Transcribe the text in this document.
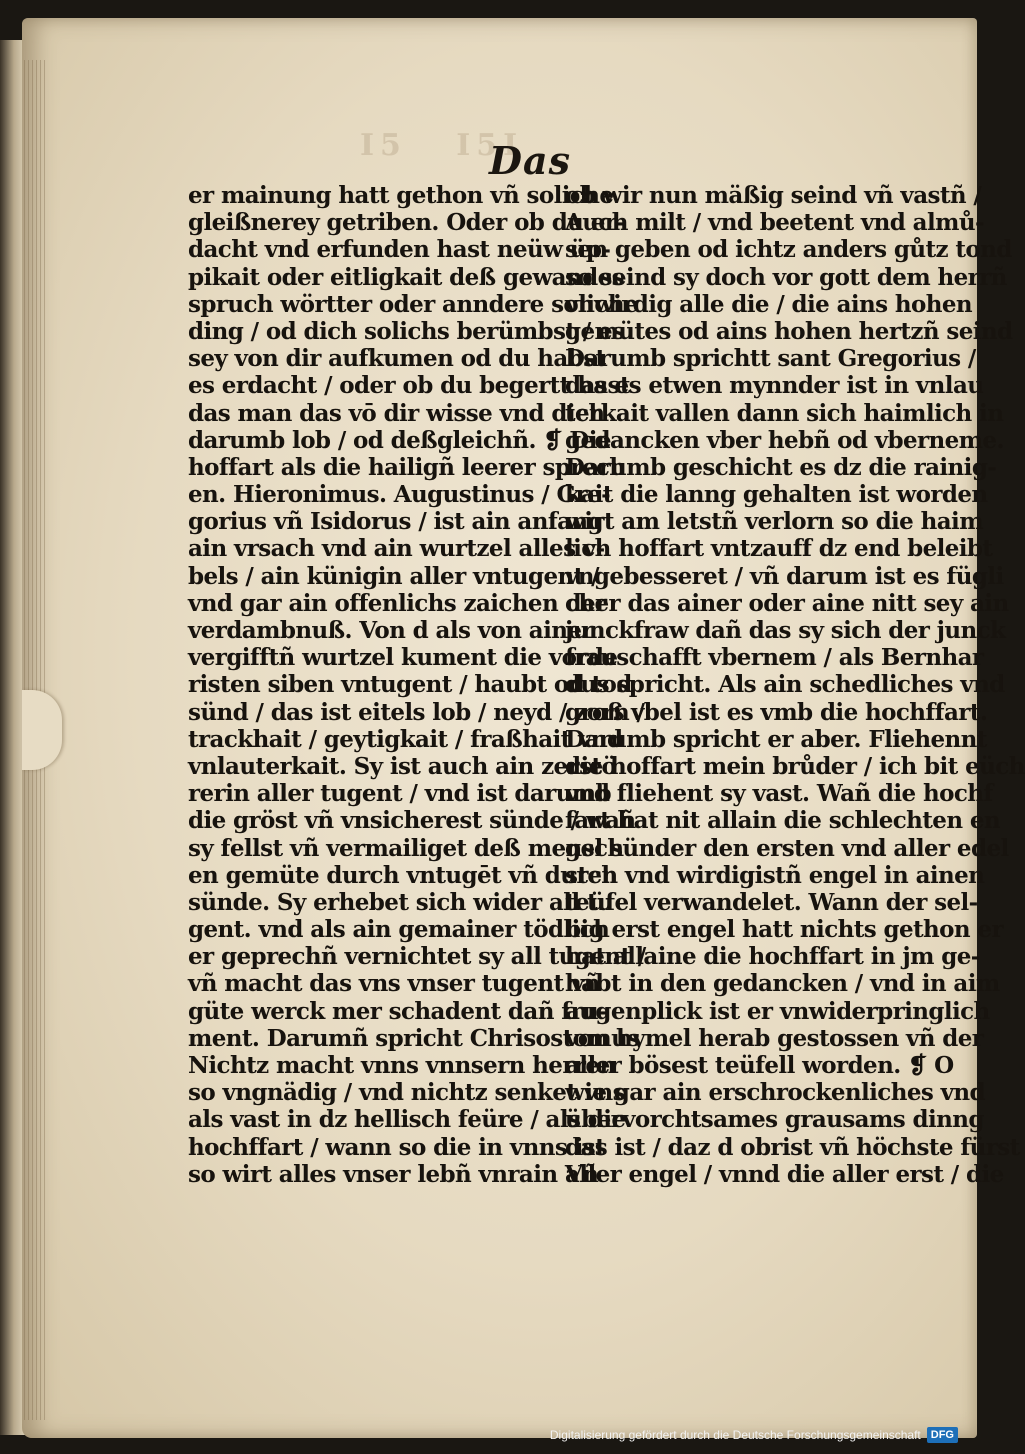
I5   I5I
Das
er mainung hatt gethon vñ soliche
gleißnerey getriben. Oder ob du er-
dacht vnd erfunden hast neüw üp-
pikait oder eitligkait deß gewandes
spruch wörtter oder anndere soliche
ding / od dich solichs berümbst / es
sey von dir aufkumen od du habst
es erdacht / oder ob du begertt hast
das man das vō dir wisse vnd dich
darumb lob / od deßgleichñ. ❡ Die
hoffart als die hailigñ leerer sprech
en. Hieronimus. Augustinus / Gre-
gorius vñ Isidorus / ist ain anfang
ain vrsach vnd ain wurtzel alles v-
bels / ain künigin aller vntugent /
vnd gar ain offenlichs zaichen der
verdambnuß. Von d als von ainer
vergifftñ wurtzel kument die vorde
risten siben vntugent / haubt od tod
sünd / das ist eitels lob / neyd / zorn /
trackhait / geytigkait / fraßhait vnd
vnlauterkait. Sy ist auch ain zerstö
rerin aller tugent / vnd ist darumb
die gröst vñ vnsicherest sünde / wañ
sy fellst vñ vermailiget deß mensch
en gemüte durch vntugēt vñ durch
sünde. Sy erhebet sich wider all tu
gent. vnd als ain gemainer tödlich
er geprechñ vernichtet sy all tugent /
vñ macht das vns vnser tugent vñ
güte werck mer schadent dañ fru-
ment. Darumñ spricht Chrisostomus
Nichtz macht vnns vnnsern herren
so vngnädig / vnd nichtz senket vns
als vast in dz hellisch feüre / als die
hochffart / wann so die in vnns ist
so wirt alles vnser lebñ vnrain Vñ
ob wir nun mäßig seind vñ vastñ /
Auch milt / vnd beetent vnd almů-
sen geben od ichtz anders gůtz tond
so seind sy doch vor gott dem herrñ
vnwirdig alle die / die ains hohen
gemütes od ains hohen hertzñ seind
Darumb sprichtt sant Gregorius /
das es etwen mynnder ist in vnlau
terkait vallen dann sich haimlich in
gedancken vber hebñ od vberneme.
Darumb geschicht es dz die rainig-
kait die lanng gehalten ist worden
wirt am letstñ verlorn so die haim
lich hoffart vntzauff dz end beleibt
vngebesseret / vñ darum ist es fügli
cher das ainer oder aine nitt sey ain
junckfraw dañ das sy sich der junck
frauschafft vbernem / als Bernhar
dus spricht. Als ain schedliches vnd
groß vbel ist es vmb die hochffart.
Darumb spricht er aber. Fliehennt
die hoffart mein brůder / ich bit eüch
vnd fliehent sy vast. Wañ die hochf
fart hat nit allain die schlechten en
gel sünder den ersten vnd aller edel
sten vnd wirdigistñ engel in ainen
teüfel verwandelet. Wann der sel-
big erst engel hatt nichts gethon er
hat allaine die hochffart in jm ge-
habt in den gedancken / vnd in aim
augenplick ist er vnwiderpringlich
von hymel herab gestossen vñ der
aller bösest teüfell worden. ❡ O
wie gar ain erschrockenliches vnd
übervorchtsames grausams dinng
das ist / daz d obrist vñ höchste fürst
aller engel / vnnd die aller erst / die
Digitalisierung gefördert durch die Deutsche Forschungsgemeinschaft DFG
